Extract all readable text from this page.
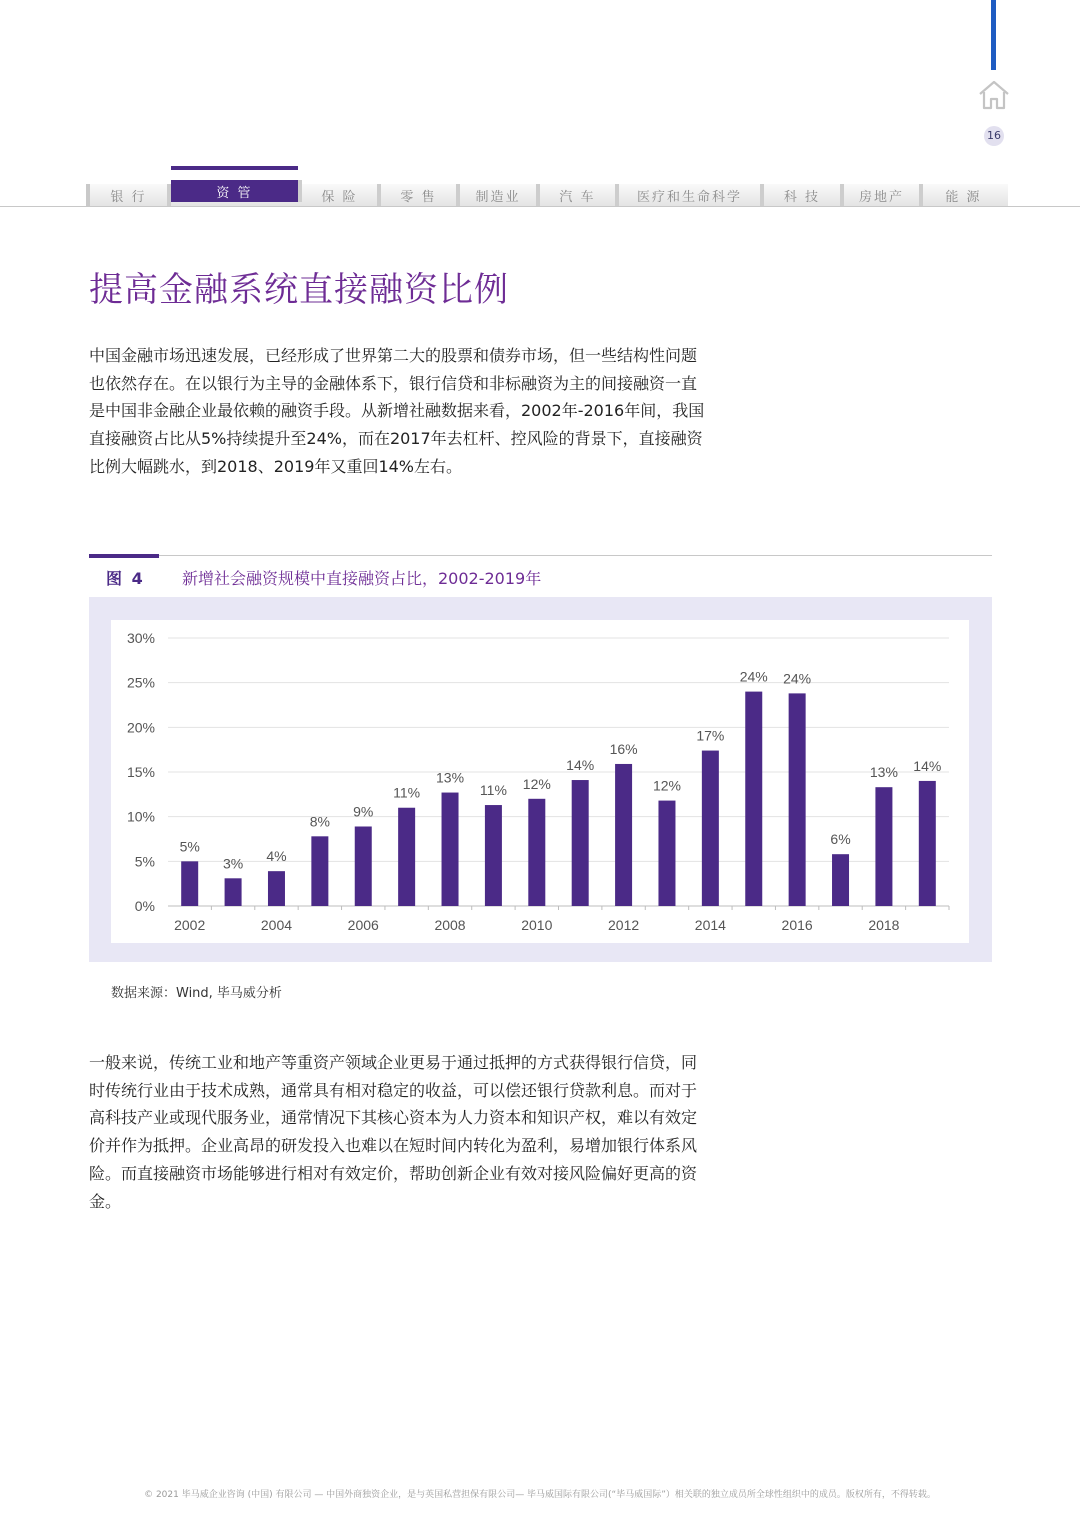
16
银 行	资 管	保 险	零 售	制造业	汽 车	医疗和生命科学	科 技	房地产	能 源
提高金融系统直接融资比例
中国金融市场迅速发展，已经形成了世界第二大的股票和债券市场，但一些结构性问题也依然存在。在以银行为主导的金融体系下，银行信贷和非标融资为主的间接融资一直是中国非金融企业最依赖的融资手段。从新增社融数据来看，2002年-2016年间，我国直接融资占比从5%持续提升至24%，而在2017年去杠杆、控风险的背景下，直接融资比例大幅跳水，到2018、2019年又重回14%左右。
图 4 新增社会融资规模中直接融资占比，2002-2019年
0%
5%
10%
15%
20%
25%
30%
5%
2002
3% 4%
2004
8%
9%
2006
11%
13%
2008
11% 12%
2010
14%
16%
2012
12%
17%
2014
24% 24%
2016
6%
13%
2018
14%
数据来源：Wind, 毕马威分析
一般来说，传统工业和地产等重资产领域企业更易于通过抵押的方式获得银行信贷，同时传统行业由于技术成熟，通常具有相对稳定的收益，可以偿还银行贷款利息。而对于高科技产业或现代服务业，通常情况下其核心资本为人力资本和知识产权，难以有效定价并作为抵押。企业高昂的研发投入也难以在短时间内转化为盈利，易增加银行体系风险。而直接融资市场能够进行相对有效定价，帮助创新企业有效对接风险偏好更高的资金。
© 2021 毕马威企业咨询 (中国) 有限公司 — 中国外商独资企业，是与英国私营担保有限公司— 毕马威国际有限公司(“毕马威国际”）相关联的独立成员所全球性组织中的成员。版权所有，不得转载。
